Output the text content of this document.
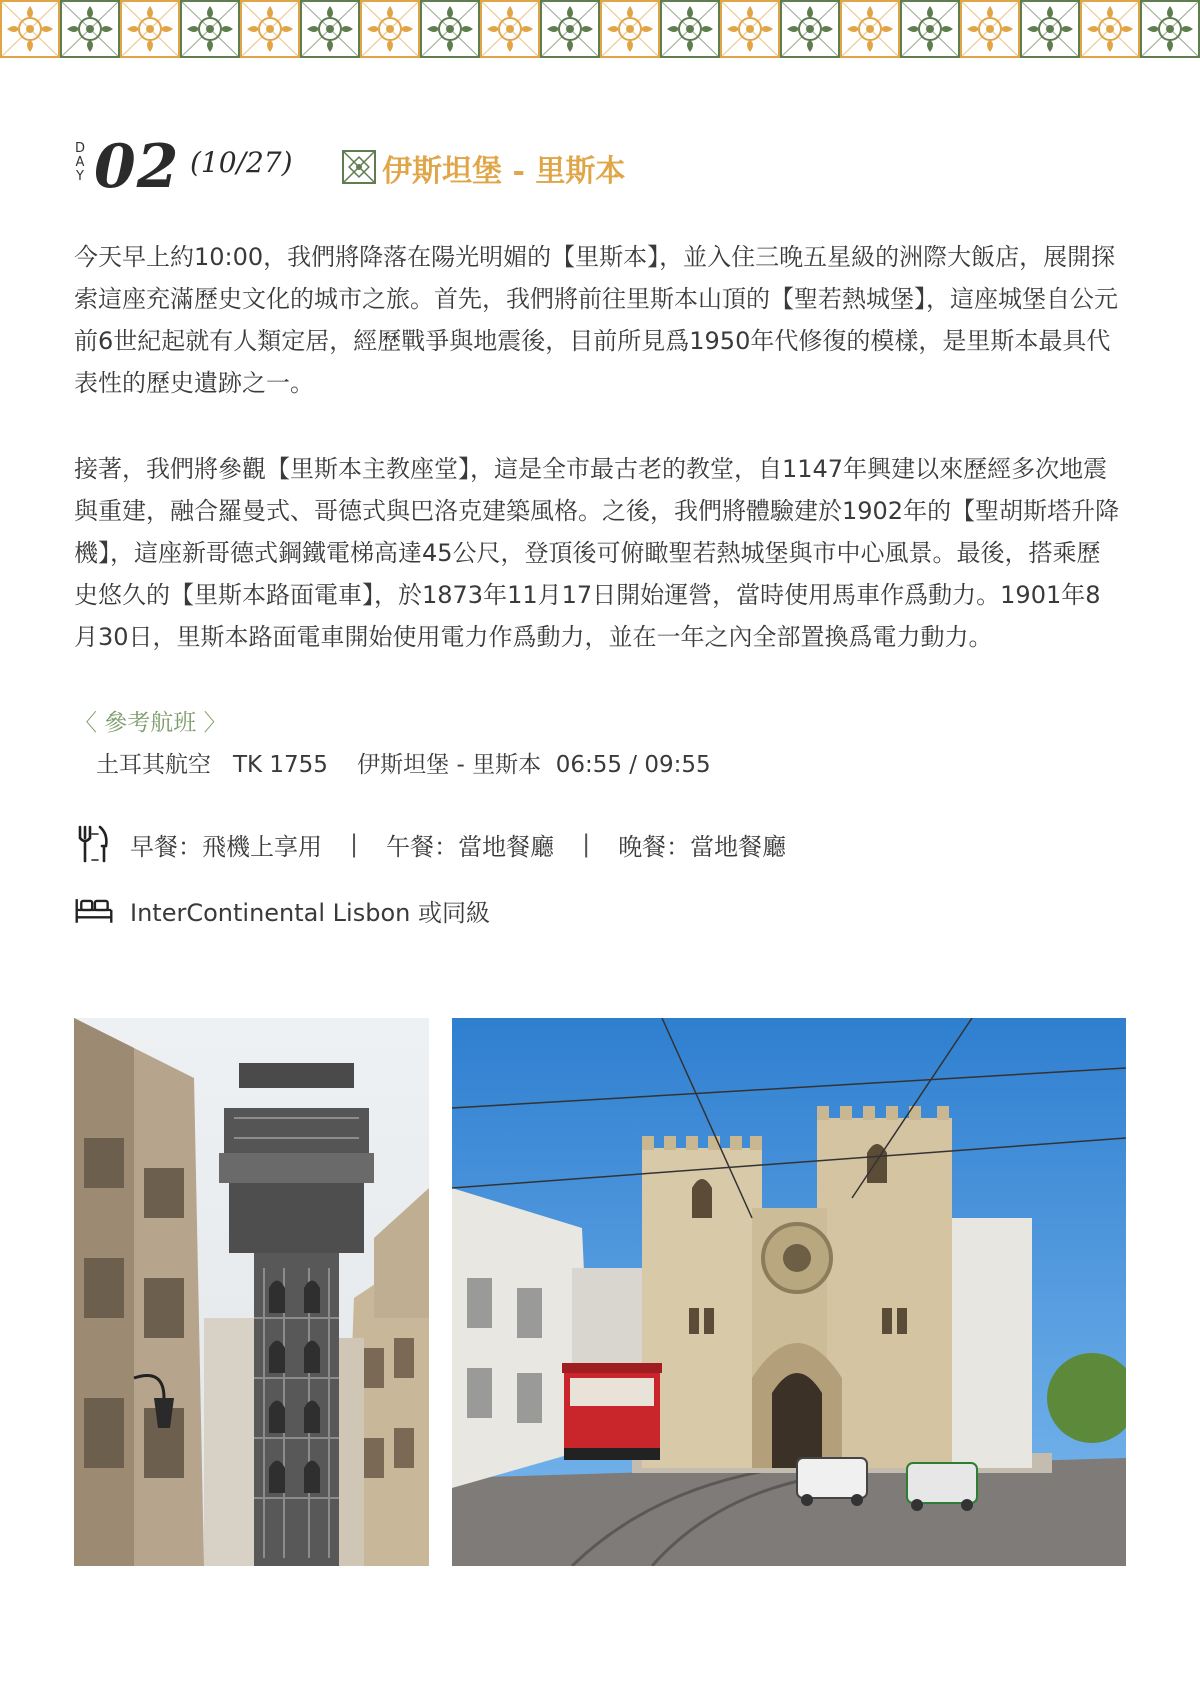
D
A
Y 02 (10/27)	伊斯坦堡 - 里斯本
今天早上約10:00，我們將降落在陽光明媚的【里斯本】，並入住三晚五星級的洲際大飯店，展開探索這座充滿歷史文化的城市之旅。首先，我們將前往里斯本山頂的【聖若熱城堡】，這座城堡自公元前6世紀起就有人類定居，經歷戰爭與地震後，目前所見爲1950年代修復的模樣，是里斯本最具代表性的歷史遺跡之一。
接著，我們將參觀【里斯本主教座堂】，這是全市最古老的教堂，自1147年興建以來歷經多次地震與重建，融合羅曼式、哥德式與巴洛克建築風格。之後，我們將體驗建於1902年的【聖胡斯塔升降機】，這座新哥德式鋼鐵電梯高達45公尺，登頂後可俯瞰聖若熱城堡與市中心風景。最後，搭乘歷史悠久的【里斯本路面電車】，於1873年11月17日開始運營，當時使用馬車作爲動力。1901年8月30日，里斯本路面電車開始使用電力作爲動力，並在一年之內全部置換爲電力動力。
〈 參考航班 〉
土耳其航空 TK 1755 伊斯坦堡 - 里斯本 06:55 / 09:55
早餐：飛機上享用 | 午餐：當地餐廳 | 晚餐：當地餐廳
InterContinental Lisbon 或同級
